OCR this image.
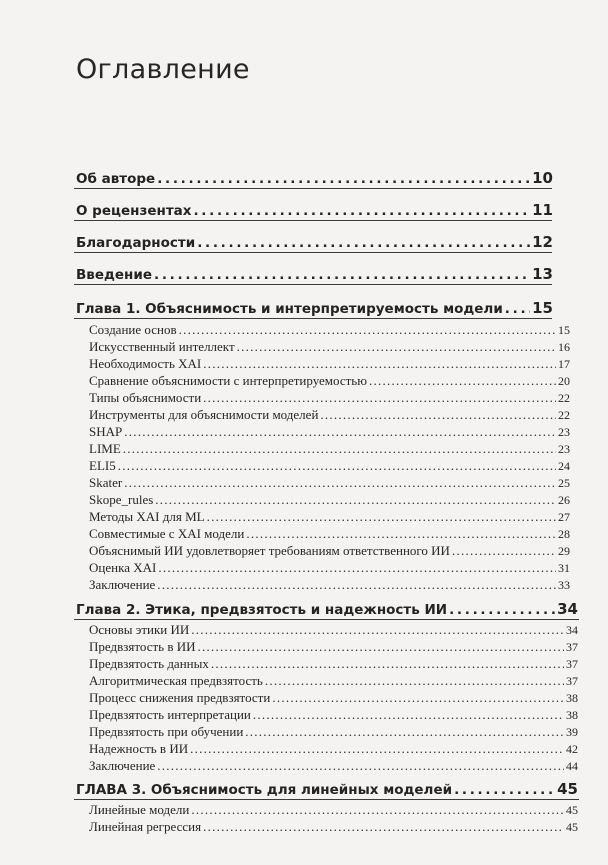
Оглавление
Об авторе . . .	10
О рецензентах . . .	11
Благодарности . . .	12
Введение . . .	13
Глава 1. Объяснимость и интерпретируемость модели . . . 15
Создание основ . . .	15
Искусственный интеллект . . .	16
Необходимость XAI . . .	17
Сравнение объяснимости с интерпретируемостью . . .	20
Типы объяснимости . . .	22
Инструменты для объяснимости моделей . . .	22
SHAP . . .	23
LIME . . .	23
ELI5 . . .	24
Skater . . .	25
Skope_rules . . .	26
Методы XAI для ML . . .	27
Совместимые с XAI модели . . .	28
Объяснимый ИИ удовлетворяет требованиям ответственного ИИ . . .	29
Оценка XAI . . .	31
Заключение . . .	33
Глава 2. Этика, предвзятость и надежность ИИ . . .	34
Основы этики ИИ . . .	34
Предвзятость в ИИ . . .	37
Предвзятость данных . . .	37
Алгоритмическая предвзятость . . .	37
Процесс снижения предвзятости . . .	38
Предвзятость интерпретации . . .	38
Предвзятость при обучении . . .	39
Надежность в ИИ . . .	42
Заключение . . .	44
ГЛАВА 3. Объяснимость для линейных моделей . . .	45
Линейные модели . . .	45
Линейная регрессия . . .	45
